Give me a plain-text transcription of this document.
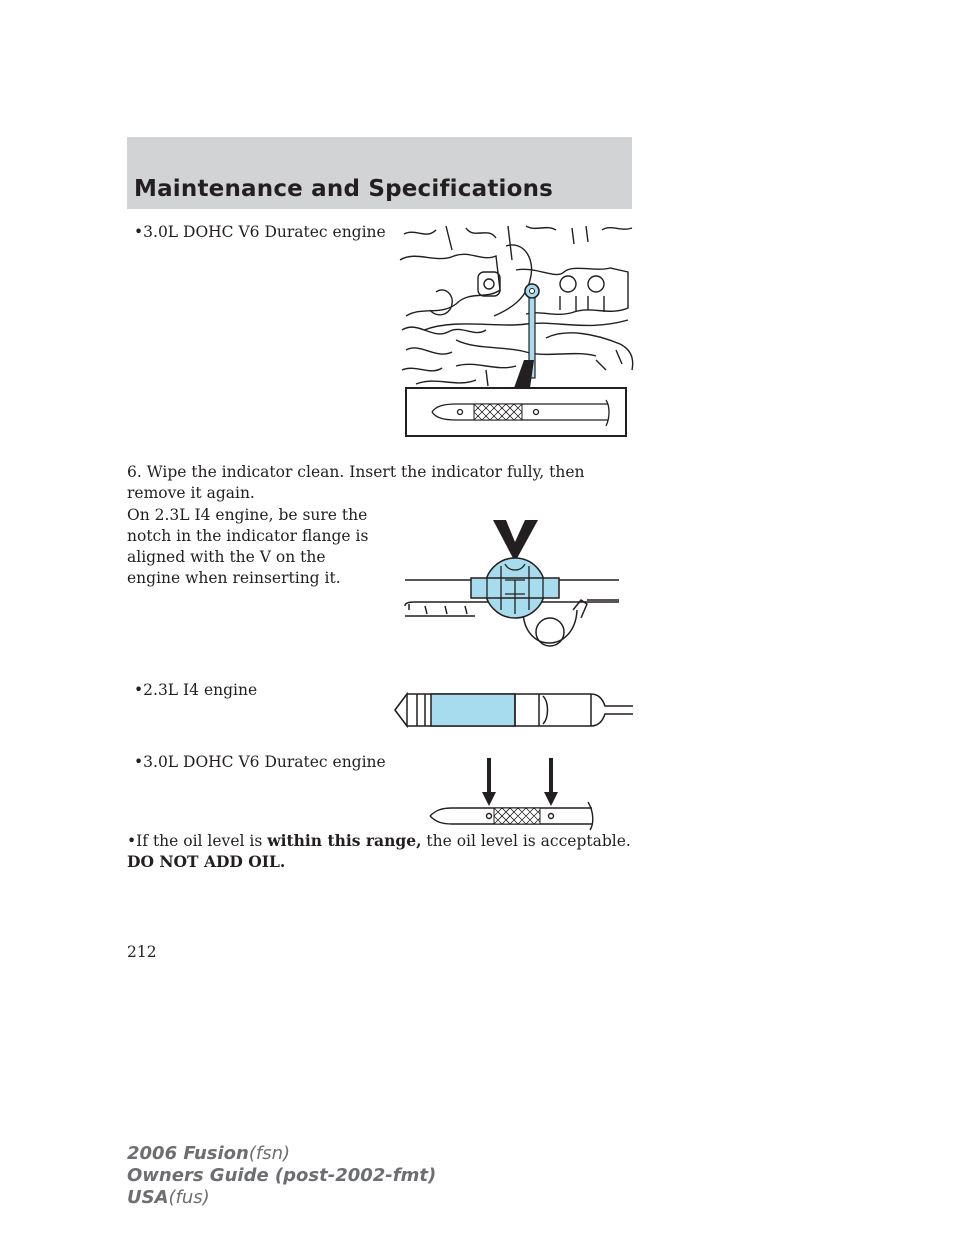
Maintenance and Specifications
•3.0L DOHC V6 Duratec engine
6. Wipe the indicator clean. Insert the indicator fully, then remove it again.
On 2.3L I4 engine, be sure the notch in the indicator flange is aligned with the V on the engine when reinserting it.
•2.3L I4 engine
•3.0L DOHC V6 Duratec engine
•If the oil level is within this range, the oil level is acceptable.
DO NOT ADD OIL.
212
2006 Fusion(fsn)
Owners Guide (post-2002-fmt)
USA(fus)
